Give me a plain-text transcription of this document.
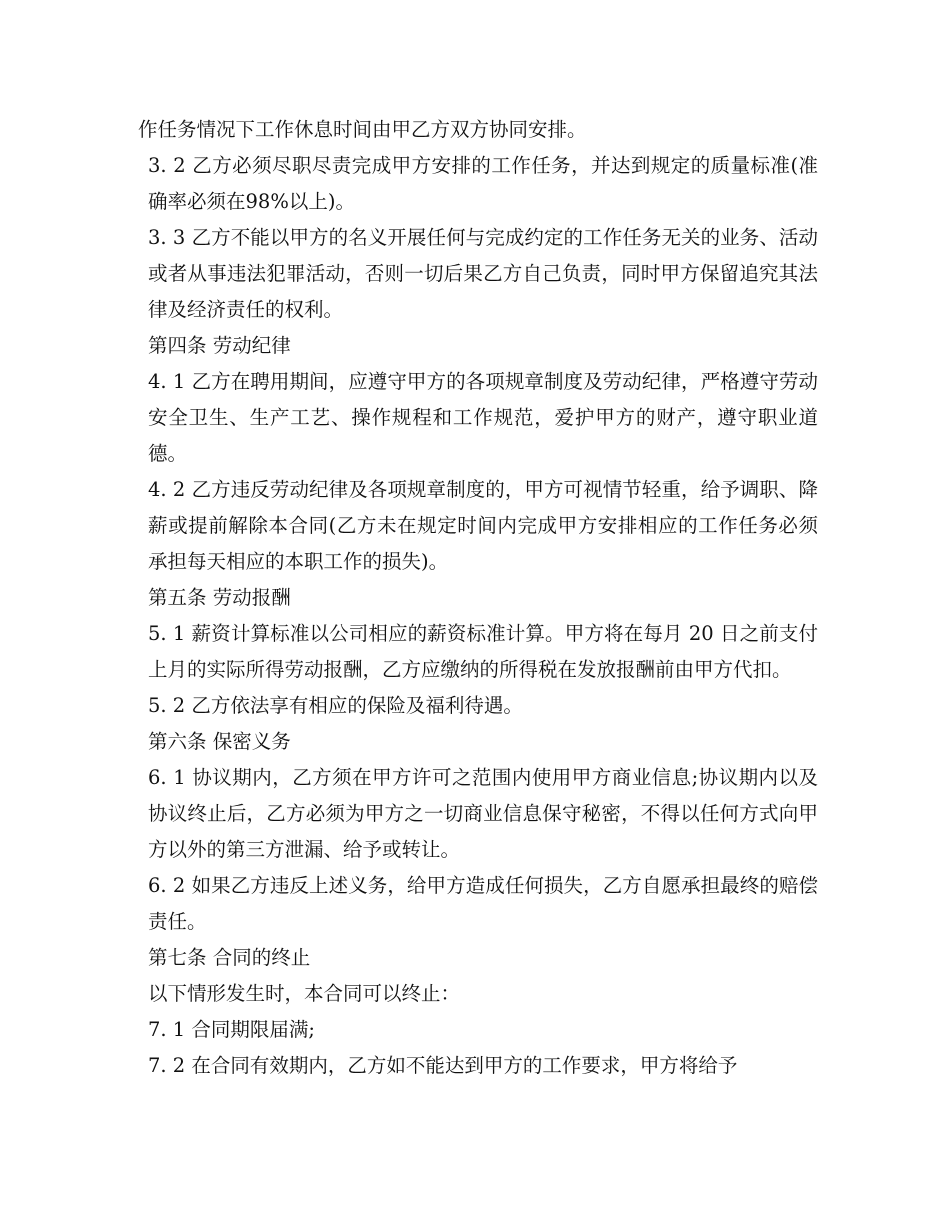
作任务情况下工作休息时间由甲乙方双方协同安排。

3. 2 乙方必须尽职尽责完成甲方安排的工作任务，并达到规定的质量标准(准确率必须在98%以上)。

3. 3 乙方不能以甲方的名义开展任何与完成约定的工作任务无关的业务、活动或者从事违法犯罪活动，否则一切后果乙方自己负责，同时甲方保留追究其法律及经济责任的权利。

第四条 劳动纪律

4. 1 乙方在聘用期间，应遵守甲方的各项规章制度及劳动纪律，严格遵守劳动安全卫生、生产工艺、操作规程和工作规范，爱护甲方的财产，遵守职业道德。

4. 2 乙方违反劳动纪律及各项规章制度的，甲方可视情节轻重，给予调职、降薪或提前解除本合同(乙方未在规定时间内完成甲方安排相应的工作任务必须承担每天相应的本职工作的损失)。

第五条 劳动报酬

5. 1 薪资计算标准以公司相应的薪资标准计算。甲方将在每月 20 日之前支付上月的实际所得劳动报酬，乙方应缴纳的所得税在发放报酬前由甲方代扣。

5. 2 乙方依法享有相应的保险及福利待遇。

第六条 保密义务

6. 1 协议期内，乙方须在甲方许可之范围内使用甲方商业信息;协议期内以及协议终止后，乙方必须为甲方之一切商业信息保守秘密，不得以任何方式向甲方以外的第三方泄漏、给予或转让。

6. 2 如果乙方违反上述义务，给甲方造成任何损失，乙方自愿承担最终的赔偿责任。

第七条 合同的终止

以下情形发生时，本合同可以终止：

7. 1 合同期限届满;

7. 2 在合同有效期内，乙方如不能达到甲方的工作要求，甲方将给予
